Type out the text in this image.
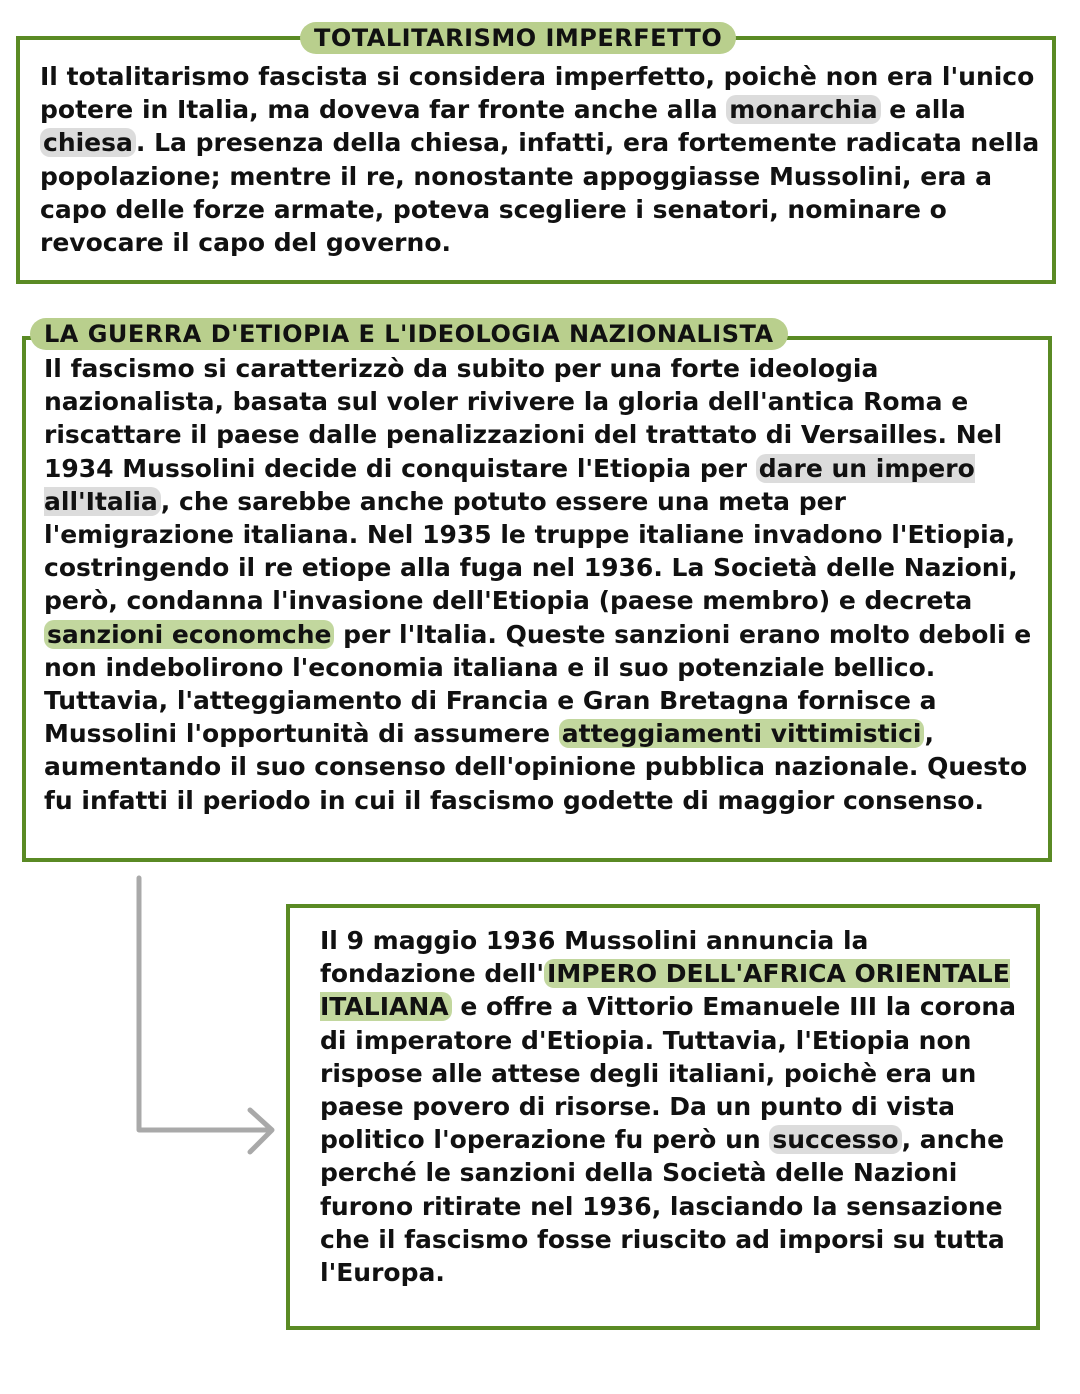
TOTALITARISMO IMPERFETTO
Il totalitarismo fascista si considera imperfetto, poichè non era l'unico potere in Italia, ma doveva far fronte anche alla monarchia e alla chiesa . La presenza della chiesa, infatti, era fortemente radicata nella popolazione; mentre il re, nonostante appoggiasse Mussolini, era a capo delle forze armate, poteva scegliere i senatori, nominare o revocare il capo del governo.
LA GUERRA D'ETIOPIA E L'IDEOLOGIA NAZIONALISTA
Il fascismo si caratterizzò da subito per una forte ideologia nazionalista, basata sul voler rivivere la gloria dell'antica Roma e riscattare il paese dalle penalizzazioni del trattato di Versailles. Nel 1934 Mussolini decide di conquistare l'Etiopia per dare un impero all'Italia , che sarebbe anche potuto essere una meta per l'emigrazione italiana. Nel 1935 le truppe italiane invadono l'Etiopia, costringendo il re etiope alla fuga nel 1936. La Società delle Nazioni, però, condanna l'invasione dell'Etiopia (paese membro) e decreta sanzioni economche per l'Italia. Queste sanzioni erano molto deboli e non indebolirono l'economia italiana e il suo potenziale bellico. Tuttavia, l'atteggiamento di Francia e Gran Bretagna fornisce a Mussolini l'opportunità di assumere atteggiamenti vittimistici , aumentando il suo consenso dell'opinione pubblica nazionale. Questo fu infatti il periodo in cui il fascismo godette di maggior consenso.
Il 9 maggio 1936 Mussolini annuncia la fondazione dell' IMPERO DELL'AFRICA ORIENTALE ITALIANA e offre a Vittorio Emanuele III la corona di imperatore d'Etiopia. Tuttavia, l'Etiopia non rispose alle attese degli italiani, poichè era un paese povero di risorse. Da un punto di vista politico l'operazione fu però un successo , anche perché le sanzioni della Società delle Nazioni furono ritirate nel 1936, lasciando la sensazione che il fascismo fosse riuscito ad imporsi su tutta l'Europa.
